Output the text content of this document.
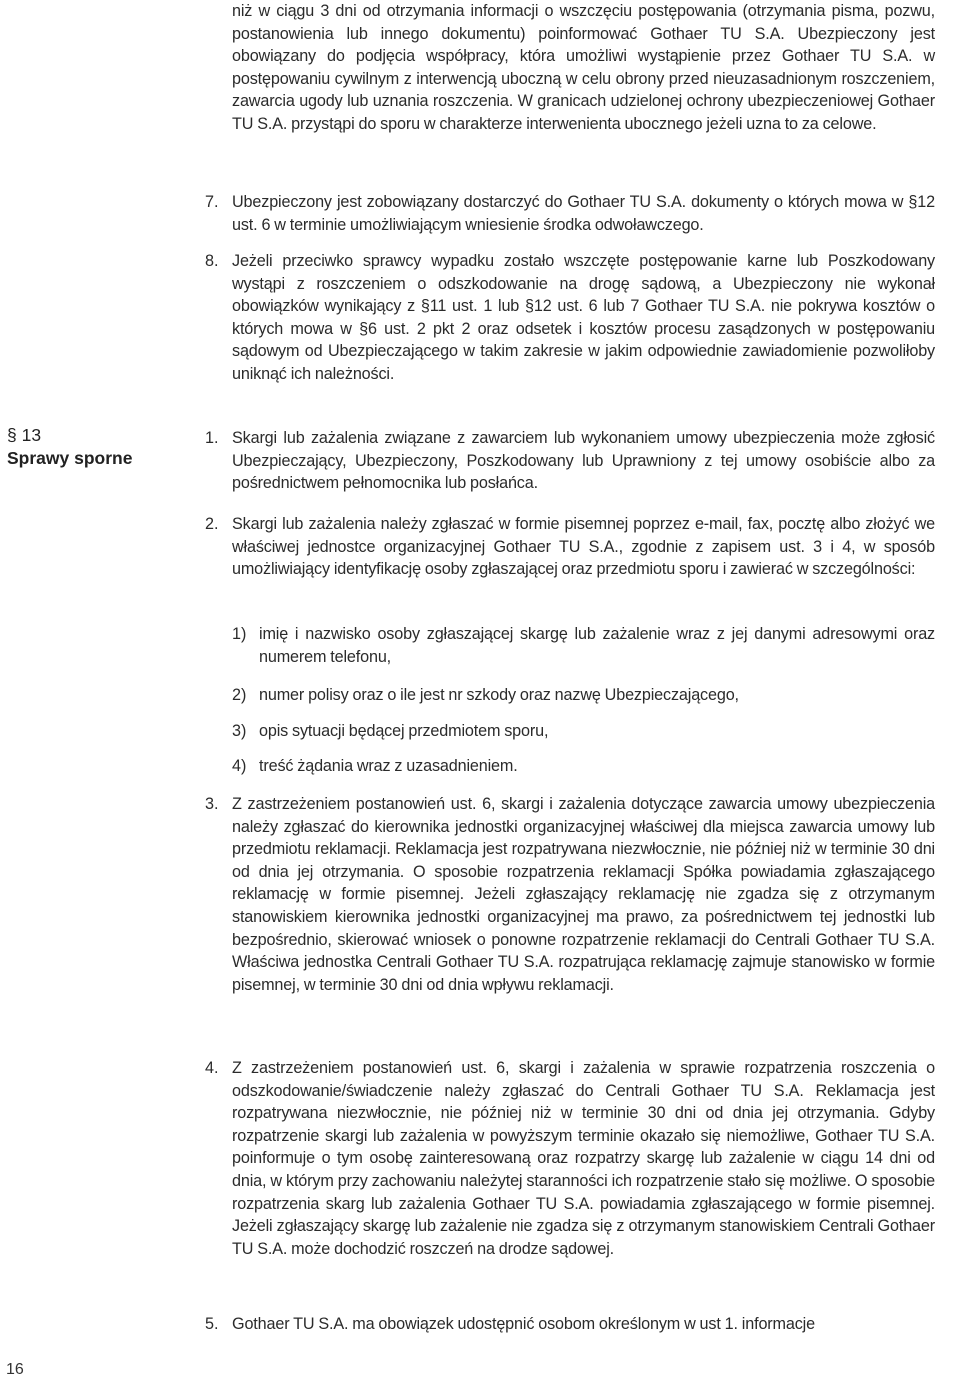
§ 13
Sprawy sporne

niż w ciągu 3 dni od otrzymania informacji o wszczęciu postępowania (otrzymania pisma, pozwu, postanowienia lub innego dokumentu) poinformować Gothaer TU S.A. Ubezpieczony jest obowiązany do podjęcia współpracy, która umożliwi wystąpienie przez Gothaer TU S.A. w postępowaniu cywilnym z interwencją uboczną w celu obrony przed nieuzasadnionym roszczeniem, zawarcia ugody lub uznania roszczenia. W granicach udzielonej ochrony ubezpieczeniowej Gothaer TU S.A. przystąpi do sporu w charakterze interwenienta ubocznego jeżeli uzna to za celowe.

7. Ubezpieczony jest zobowiązany dostarczyć do Gothaer TU S.A. dokumenty o których mowa w §12 ust. 6 w terminie umożliwiającym wniesienie środka odwoławczego.

8. Jeżeli przeciwko sprawcy wypadku zostało wszczęte postępowanie karne lub Poszkodowany wystąpi z roszczeniem o odszkodowanie na drogę sądową, a Ubezpieczony nie wykonał obowiązków wynikający z §11 ust. 1 lub §12 ust. 6 lub 7 Gothaer TU S.A. nie pokrywa kosztów o których mowa w §6 ust. 2 pkt 2 oraz odsetek i kosztów procesu zasądzonych w postępowaniu sądowym od Ubezpieczającego w takim zakresie w jakim odpowiednie zawiadomienie pozwoliłoby uniknąć ich należności.

1. Skargi lub zażalenia związane z zawarciem lub wykonaniem umowy ubezpieczenia może zgłosić Ubezpieczający, Ubezpieczony, Poszkodowany lub Uprawniony z tej umowy osobiście albo za pośrednictwem pełnomocnika lub posłańca.

2. Skargi lub zażalenia należy zgłaszać w formie pisemnej poprzez e-mail, fax, pocztę albo złożyć we właściwej jednostce organizacyjnej Gothaer TU S.A., zgodnie z zapisem ust. 3 i 4, w sposób umożliwiający identyfikację osoby zgłaszającej oraz przedmiotu sporu i zawierać w szczególności:

1) imię i nazwisko osoby zgłaszającej skargę lub zażalenie wraz z jej danymi adresowymi oraz numerem telefonu,

2) numer polisy oraz o ile jest nr szkody oraz nazwę Ubezpieczającego,

3) opis sytuacji będącej przedmiotem sporu,

4) treść żądania wraz z uzasadnieniem.

3. Z zastrzeżeniem postanowień ust. 6, skargi i zażalenia dotyczące zawarcia umowy ubezpieczenia należy zgłaszać do kierownika jednostki organizacyjnej właściwej dla miejsca zawarcia umowy lub przedmiotu reklamacji. Reklamacja jest rozpatrywana niezwłocznie, nie później niż w terminie 30 dni od dnia jej otrzymania. O sposobie rozpatrzenia reklamacji Spółka powiadamia zgłaszającego reklamację w formie pisemnej. Jeżeli zgłaszający reklamację nie zgadza się z otrzymanym stanowiskiem kierownika jednostki organizacyjnej ma prawo, za pośrednictwem tej jednostki lub bezpośrednio, skierować wniosek o ponowne rozpatrzenie reklamacji do Centrali Gothaer TU S.A. Właściwa jednostka Centrali Gothaer TU S.A. rozpatrująca reklamację zajmuje stanowisko w formie pisemnej, w terminie 30 dni od dnia wpływu reklamacji.

4. Z zastrzeżeniem postanowień ust. 6, skargi i zażalenia w sprawie rozpatrzenia roszczenia o odszkodowanie/świadczenie należy zgłaszać do Centrali Gothaer TU S.A. Reklamacja jest rozpatrywana niezwłocznie, nie później niż w terminie 30 dni od dnia jej otrzymania. Gdyby rozpatrzenie skargi lub zażalenia w powyższym terminie okazało się niemożliwe, Gothaer TU S.A. poinformuje o tym osobę zainteresowaną oraz rozpatrzy skargę lub zażalenie w ciągu 14 dni od dnia, w którym przy zachowaniu należytej staranności ich rozpatrzenie stało się możliwe. O sposobie rozpatrzenia skarg lub zażalenia Gothaer TU S.A. powiadamia zgłaszającego w formie pisemnej. Jeżeli zgłaszający skargę lub zażalenie nie zgadza się z otrzymanym stanowiskiem Centrali Gothaer TU S.A. może dochodzić roszczeń na drodze sądowej.

5. Gothaer TU S.A. ma obowiązek udostępnić osobom określonym w ust 1. informacje

16
